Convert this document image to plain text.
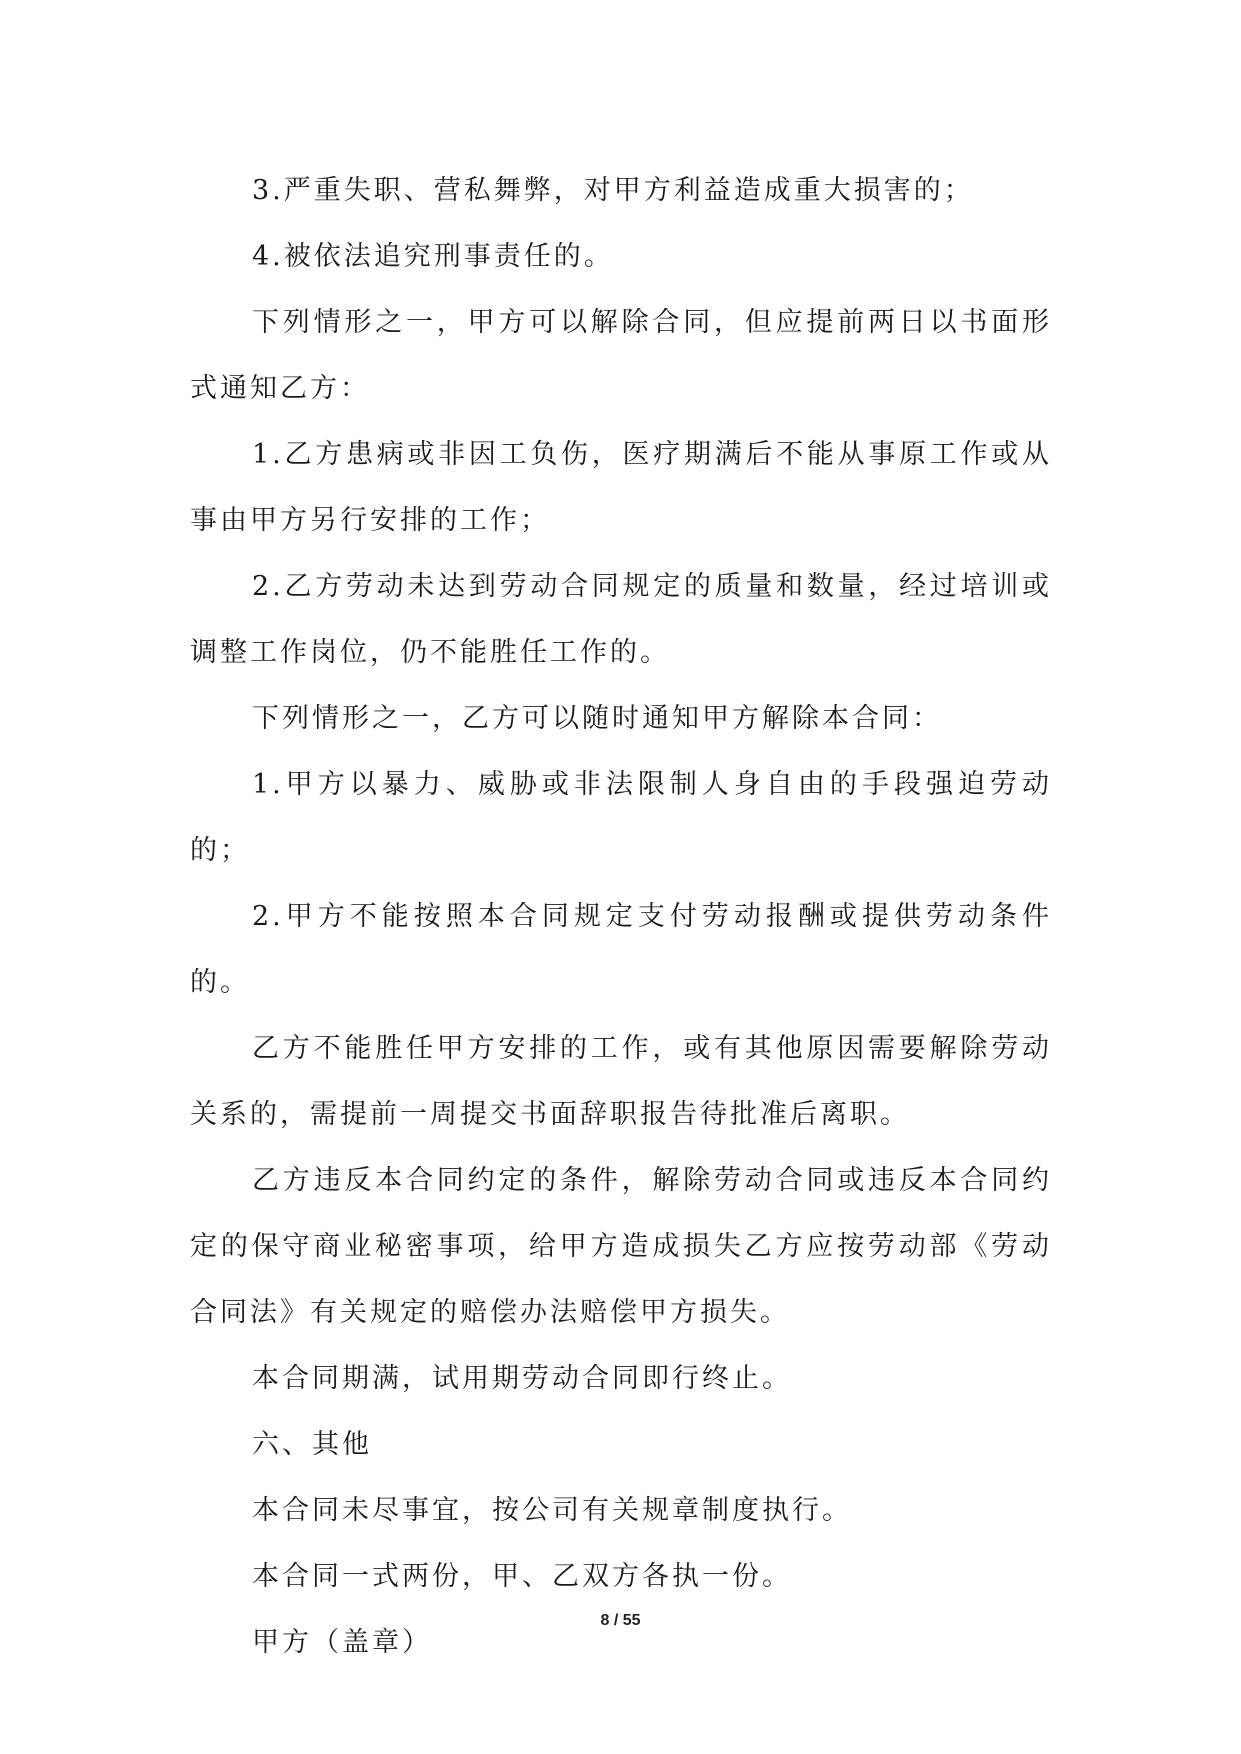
3.严重失职、营私舞弊，对甲方利益造成重大损害的；

4.被依法追究刑事责任的。

下列情形之一，甲方可以解除合同，但应提前两日以书面形式通知乙方：

1.乙方患病或非因工负伤，医疗期满后不能从事原工作或从事由甲方另行安排的工作；

2.乙方劳动未达到劳动合同规定的质量和数量，经过培训或调整工作岗位，仍不能胜任工作的。

下列情形之一，乙方可以随时通知甲方解除本合同：

1.甲方以暴力、威胁或非法限制人身自由的手段强迫劳动的；

2.甲方不能按照本合同规定支付劳动报酬或提供劳动条件的。

乙方不能胜任甲方安排的工作，或有其他原因需要解除劳动关系的，需提前一周提交书面辞职报告待批准后离职。

乙方违反本合同约定的条件，解除劳动合同或违反本合同约定的保守商业秘密事项，给甲方造成损失乙方应按劳动部《劳动合同法》有关规定的赔偿办法赔偿甲方损失。

本合同期满，试用期劳动合同即行终止。

六、其他

本合同未尽事宜，按公司有关规章制度执行。

本合同一式两份，甲、乙双方各执一份。

甲方（盖章）

8 / 55
